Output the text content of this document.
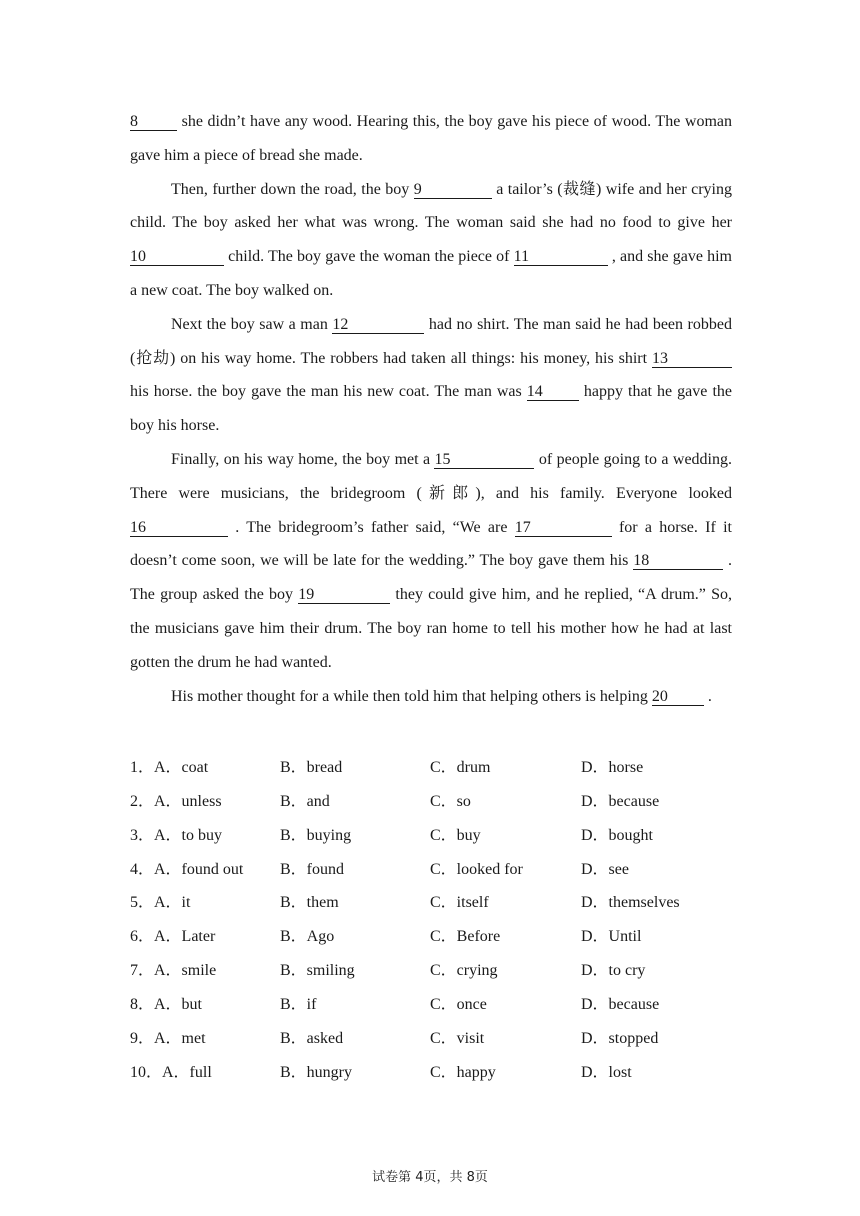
8 she didn’t have any wood. Hearing this, the boy gave his piece of wood. The woman gave him a piece of bread she made.

Then, further down the road, the boy 9	a tailor’s (裁缝) wife and her crying child. The boy asked her what was wrong. The woman said she had no food to give her 10	child. The boy gave the woman the piece of 11	, and she gave him a new coat. The boy walked on.

Next the boy saw a man 12	had no shirt. The man said he had been robbed (抢劫) on his way home. The robbers had taken all things: his money, his shirt 13 his horse. the boy gave the man his new coat. The man was 14 happy that he gave the boy his horse.

Finally, on his way home, the boy met a 15	of people going to a wedding. There were musicians, the bridegroom (新郎), and his family. Everyone looked 16	. The bridegroom’s father said, “We are 17	for a horse. If it doesn’t come soon, we will be late for the wedding.” The boy gave them his 18	. The group asked the boy 19	they could give him, and he replied, “A drum.” So, the musicians gave him their drum. The boy ran home to tell his mother how he had at last gotten the drum he had wanted.

His mother thought for a while then told him that helping others is helping 20 .

1．A．coat	B．bread	C．drum	D．horse
2．A．unless	B．and	C．so	D．because
3．A．to buy	B．buying	C．buy	D．bought
4．A．found out B．found	C．looked for	D．see
5．A．it	B．them	C．itself	D．themselves
6．A．Later	B．Ago	C．Before	D．Until
7．A．smile	B．smiling	C．crying	D．to cry
8．A．but	B．if	C．once	D．because
9．A．met	B．asked	C．visit	D．stopped
10．A．full	B．hungry	C．happy	D．lost
试卷第 4页，共 8页
